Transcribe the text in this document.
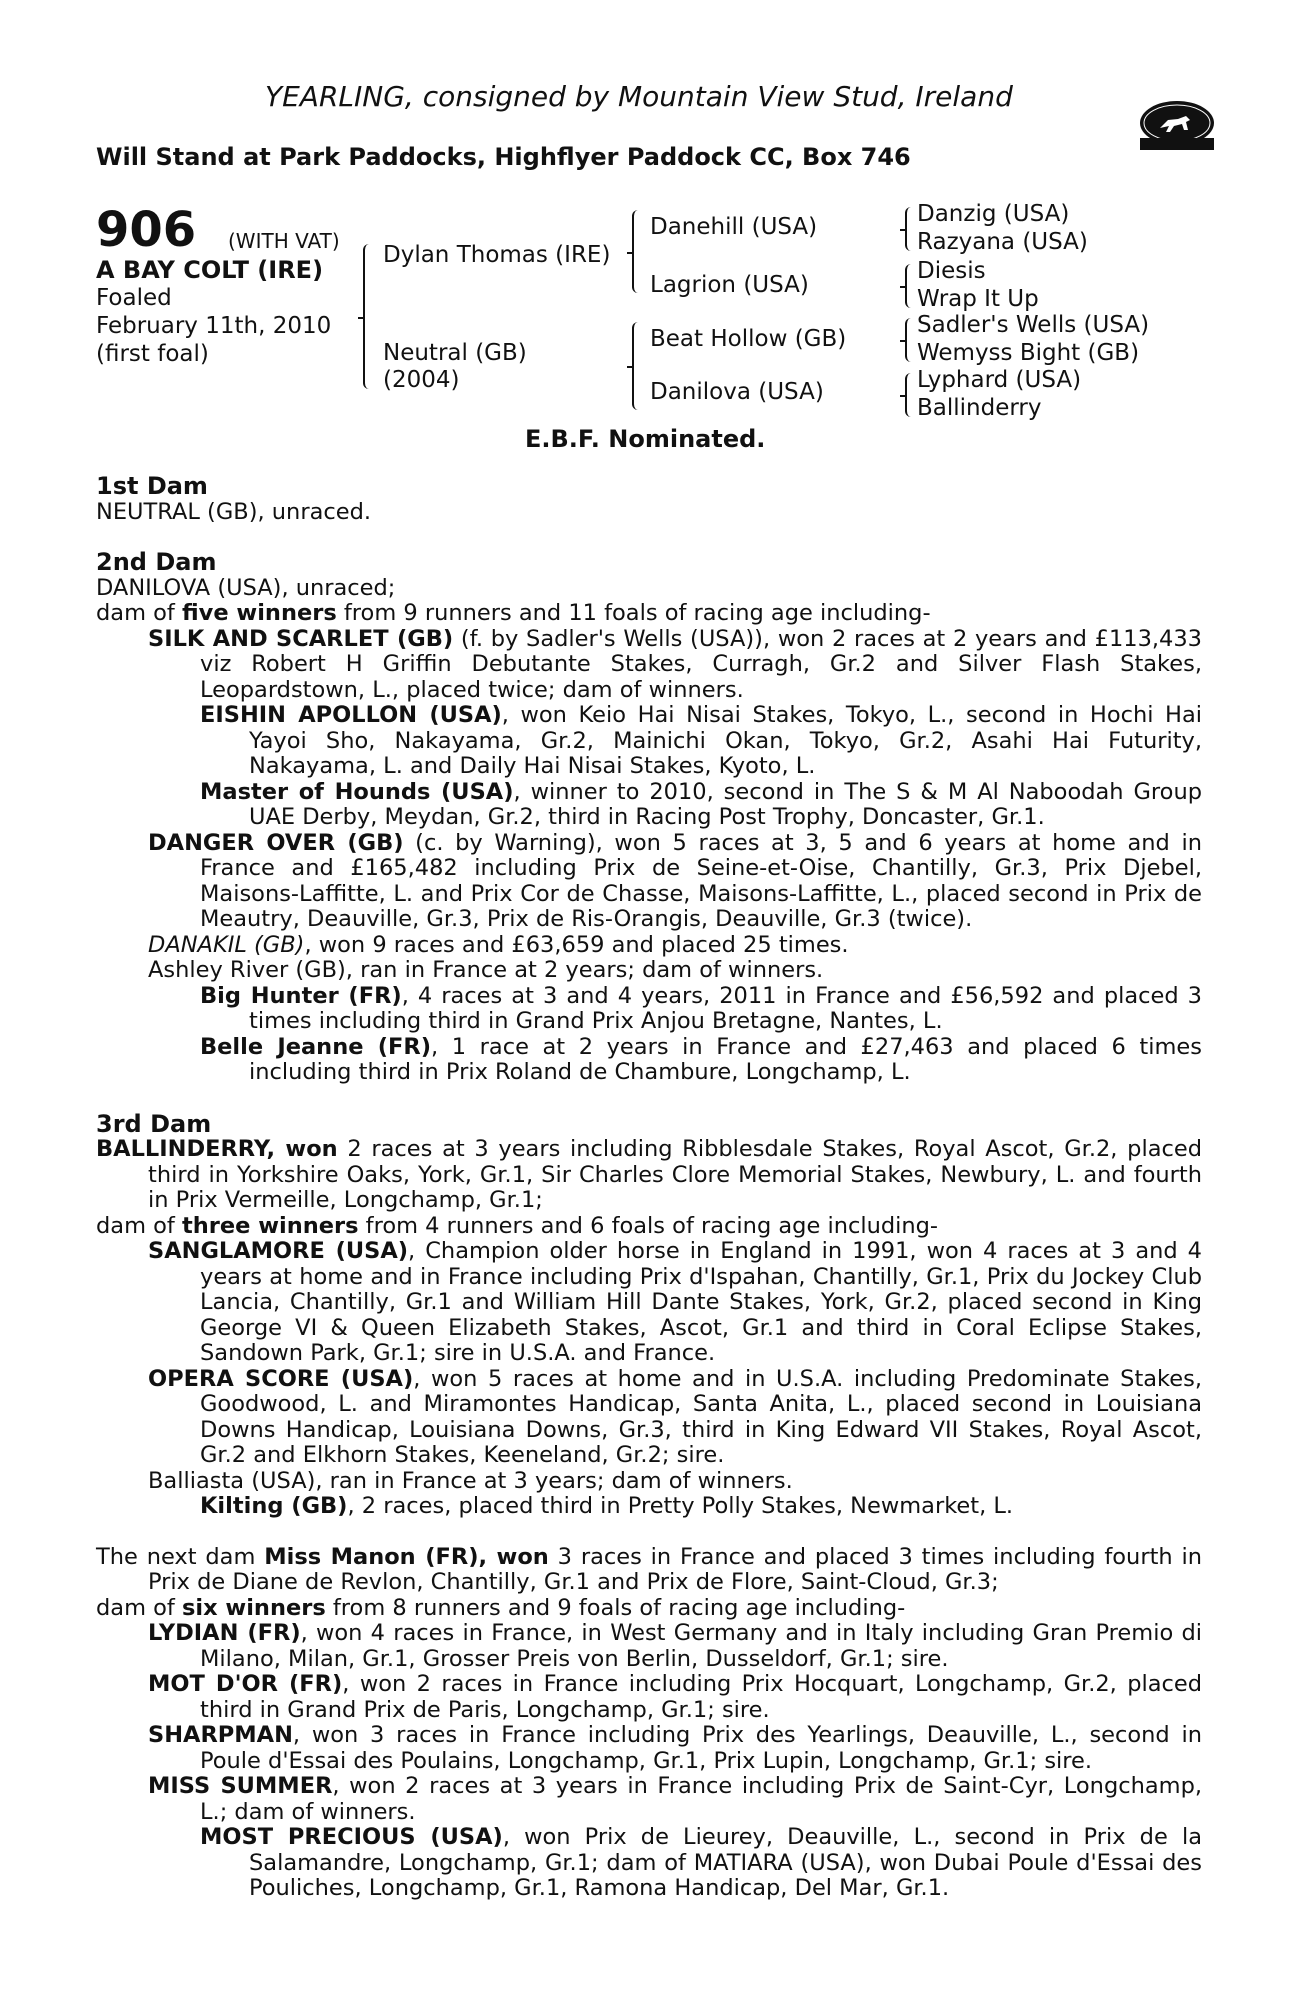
YEARLING, consigned by Mountain View Stud, Ireland
Will Stand at Park Paddocks, Highflyer Paddock CC, Box 746
906 (WITH VAT)
A BAY COLT (IRE)
Foaled
February 11th, 2010
(first foal)
Dylan Thomas (IRE)
Neutral (GB)
(2004)
Danehill (USA)
Lagrion (USA)
Beat Hollow (GB)
Danilova (USA)
Danzig (USA)
Razyana (USA)
Diesis
Wrap It Up
Sadler's Wells (USA)
Wemyss Bight (GB)
Lyphard (USA)
Ballinderry
E.B.F. Nominated.

1st Dam

NEUTRAL (GB), unraced.

2nd Dam

DANILOVA (USA), unraced;

dam of five winners from 9 runners and 11 foals of racing age including-

SILK AND SCARLET (GB) (f. by Sadler's Wells (USA)), won 2 races at 2 years and £113,433 viz Robert H Griffin Debutante Stakes, Curragh, Gr.2 and Silver Flash Stakes, Leopardstown, L., placed twice; dam of winners.

EISHIN APOLLON (USA), won Keio Hai Nisai Stakes, Tokyo, L., second in Hochi Hai Yayoi Sho, Nakayama, Gr.2, Mainichi Okan, Tokyo, Gr.2, Asahi Hai Futurity, Nakayama, L. and Daily Hai Nisai Stakes, Kyoto, L.

Master of Hounds (USA), winner to 2010, second in The S & M Al Naboodah Group UAE Derby, Meydan, Gr.2, third in Racing Post Trophy, Doncaster, Gr.1.

DANGER OVER (GB) (c. by Warning), won 5 races at 3, 5 and 6 years at home and in France and £165,482 including Prix de Seine-et-Oise, Chantilly, Gr.3, Prix Djebel, Maisons-Laffitte, L. and Prix Cor de Chasse, Maisons-Laffitte, L., placed second in Prix de Meautry, Deauville, Gr.3, Prix de Ris-Orangis, Deauville, Gr.3 (twice).

DANAKIL (GB), won 9 races and £63,659 and placed 25 times.

Ashley River (GB), ran in France at 2 years; dam of winners.

Big Hunter (FR), 4 races at 3 and 4 years, 2011 in France and £56,592 and placed 3 times including third in Grand Prix Anjou Bretagne, Nantes, L.

Belle Jeanne (FR), 1 race at 2 years in France and £27,463 and placed 6 times including third in Prix Roland de Chambure, Longchamp, L.

3rd Dam

BALLINDERRY, won 2 races at 3 years including Ribblesdale Stakes, Royal Ascot, Gr.2, placed third in Yorkshire Oaks, York, Gr.1, Sir Charles Clore Memorial Stakes, Newbury, L. and fourth in Prix Vermeille, Longchamp, Gr.1;

dam of three winners from 4 runners and 6 foals of racing age including-

SANGLAMORE (USA), Champion older horse in England in 1991, won 4 races at 3 and 4 years at home and in France including Prix d'Ispahan, Chantilly, Gr.1, Prix du Jockey Club Lancia, Chantilly, Gr.1 and William Hill Dante Stakes, York, Gr.2, placed second in King George VI & Queen Elizabeth Stakes, Ascot, Gr.1 and third in Coral Eclipse Stakes, Sandown Park, Gr.1; sire in U.S.A. and France.

OPERA SCORE (USA), won 5 races at home and in U.S.A. including Predominate Stakes, Goodwood, L. and Miramontes Handicap, Santa Anita, L., placed second in Louisiana Downs Handicap, Louisiana Downs, Gr.3, third in King Edward VII Stakes, Royal Ascot, Gr.2 and Elkhorn Stakes, Keeneland, Gr.2; sire.

Balliasta (USA), ran in France at 3 years; dam of winners.

Kilting (GB), 2 races, placed third in Pretty Polly Stakes, Newmarket, L.

The next dam Miss Manon (FR), won 3 races in France and placed 3 times including fourth in Prix de Diane de Revlon, Chantilly, Gr.1 and Prix de Flore, Saint-Cloud, Gr.3;

dam of six winners from 8 runners and 9 foals of racing age including-

LYDIAN (FR), won 4 races in France, in West Germany and in Italy including Gran Premio di Milano, Milan, Gr.1, Grosser Preis von Berlin, Dusseldorf, Gr.1; sire.

MOT D'OR (FR), won 2 races in France including Prix Hocquart, Longchamp, Gr.2, placed third in Grand Prix de Paris, Longchamp, Gr.1; sire.

SHARPMAN, won 3 races in France including Prix des Yearlings, Deauville, L., second in Poule d'Essai des Poulains, Longchamp, Gr.1, Prix Lupin, Longchamp, Gr.1; sire.

MISS SUMMER, won 2 races at 3 years in France including Prix de Saint-Cyr, Longchamp, L.; dam of winners.

MOST PRECIOUS (USA), won Prix de Lieurey, Deauville, L., second in Prix de la Salamandre, Longchamp, Gr.1; dam of MATIARA (USA), won Dubai Poule d'Essai des Pouliches, Longchamp, Gr.1, Ramona Handicap, Del Mar, Gr.1.
